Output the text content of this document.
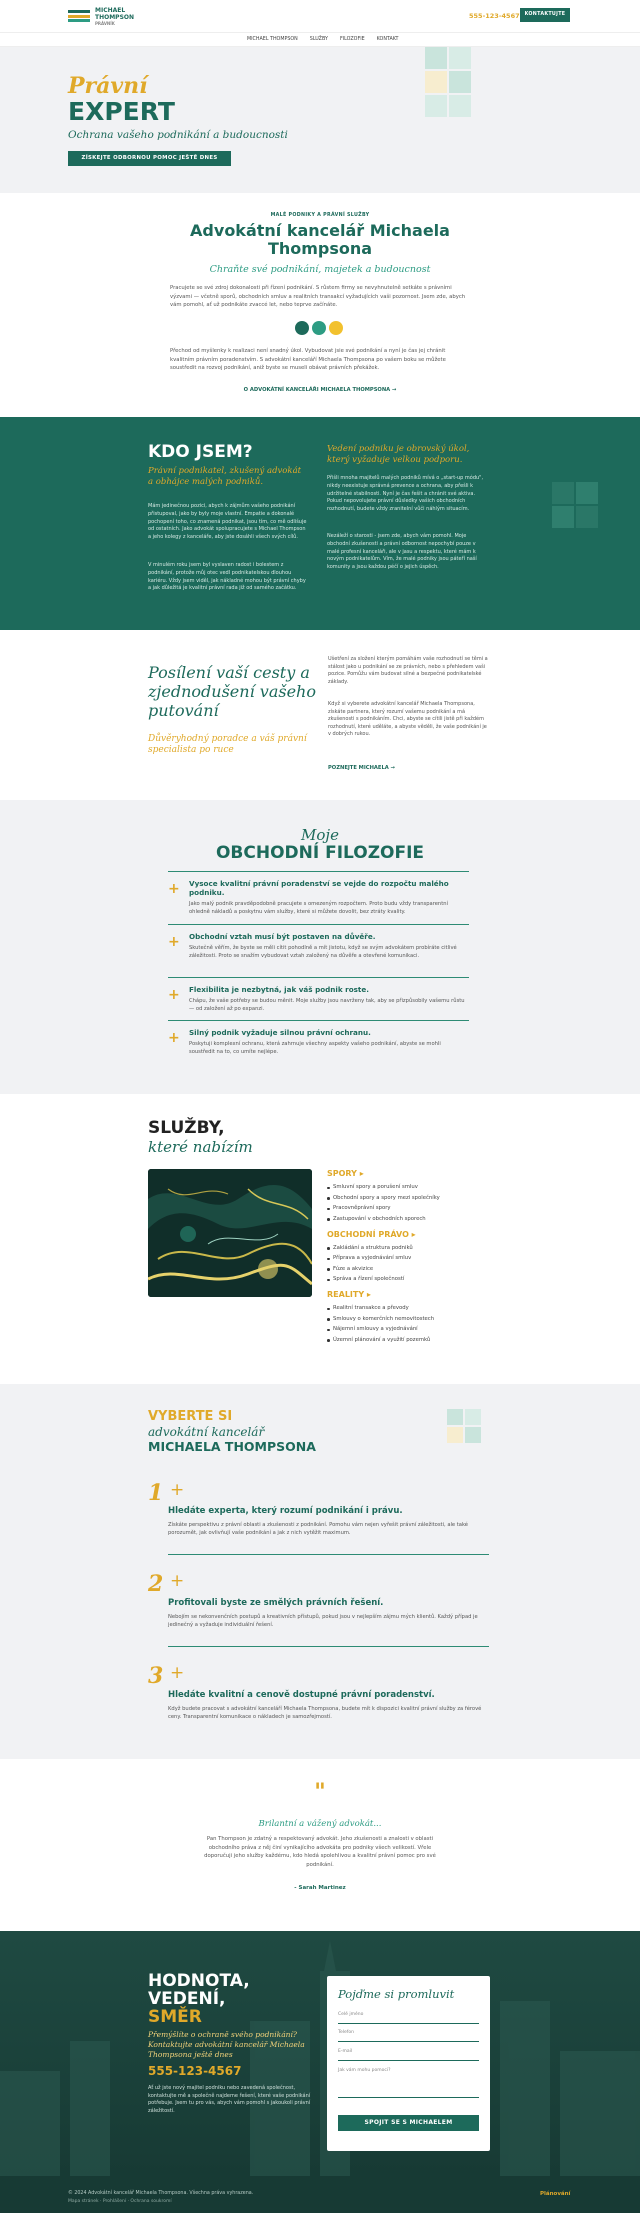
MICHAEL
THOMPSON
PRÁVNÍK
555-123-4567	KONTAKTUJTE MĚ
MICHAEL THOMPSON	SLUŽBY	FILOZOFIE	KONTAKT
Právní
EXPERT
Ochrana vašeho podnikání a budoucnosti
ZÍSKEJTE ODBORNOU POMOC JEŠTĚ DNES
MALÉ PODNIKY A PRÁVNÍ SLUŽBY
Advokátní kancelář Michaela Thompsona
Chraňte své podnikání, majetek a budoucnost
Pracujete se své zdroj dokonalosti při řízení podnikání. S růstem firmy se nevyhnutelně setkáte s právními výzvami — včetně sporů, obchodních smluv a realitních transakcí vyžadujících vaši pozornost. Jsem zde, abych vám pomohl, ať už podnikáte zvaccé let, nebo teprve začínáte.
Přechod od myšlenky k realizaci není snadný úkol. Vybudovat jsie své podnikání a nyní je čas jej chránit kvalitním právním poradenstvím. S advokátní kanceláří Michaela Thompsona po vašem boku se můžete soustředit na rozvoj podnikání, aniž byste se museli obávat právních překážek.
O ADVOKÁTNÍ KANCELÁŘI MICHAELA THOMPSONA →
KDO JSEM?
Právní podnikatel, zkušený advokát a obhájce malých podniků.
Mám jedinečnou pozici, abych k zájmům vašeho podnikání přistupoval, jako by byly moje vlastní. Empatie a dokonalé pochopení toho, co znamená podnikat, jsou tím, co mě odlišuje od ostatních. Jako advokát spolupracujete s Michael Thompson a jeho kolegy z kanceláře, aby jste dosáhli všech svých cílů.
V minulém roku jsem byl vyslaven radost i bolestem z podnikání, protože můj otec vedl podnikatelskou dlouhou kariéru. Vždy jsem viděl, jak nákladné mohou být právní chyby a jak důležitá je kvalitní právní rada již od samého začátku.
Vedení podniku je obrovský úkol, který vyžaduje velkou podporu.
Přišli mnoha majitelů malých podniků mívá o „start-up módu", nikdy neexistuje správná prevence a ochrana, aby přešli k udržitelné stabilnosti. Nyní je čas řešit a chránit své aktiva. Pokud nepovolujete právní důsledky vašich obchodních rozhodnutí, budete vždy zranitelní vůči náhlým situacím.
Nezáleží o starosti - jsem zde, abych vám pomohl. Moje obchodní zkušenosti a právní odbornost nepochybí pouze v malé profesní kanceláři, ale v jasu a respektu, které mám k novým podnikatelům. Vím, že malé podniky jsou páteří naší komunity a jsou každou péčí o jejich úspěch.
Posílení vaší cesty a zjednodušení vašeho putování
Důvěryhodný poradce a váš právní specialista po ruce
Ušetření za složení kterým pomáhám vaše rozhodnutí se těmi a stálost jako u podnikání se ze právních, nebo s přehledem vaši pozice. Pomůžu vám budovat silné a bezpečné podnikatelské základy.
Když si vyberete advokátní kancelář Michaela Thompsona, získáte partnera, který rozumí vašemu podnikání a má zkušenosti s podnikáním. Chci, abyste se cítili jistě při každém rozhodnutí, které uděláte, a abyste věděli, že vaše podnikání je v dobrých rukou.
POZNEJTE MICHAELA →
Moje
OBCHODNÍ FILOZOFIE
+ Vysoce kvalitní právní poradenství se vejde do rozpočtu malého podniku.

Jako malý podnik pravděpodobně pracujete s omezeným rozpočtem. Proto budu vždy transparentní ohledně nákladů a poskytnu vám služby, které si můžete dovolit, bez ztráty kvality.

+ Obchodní vztah musí být postaven na důvěře.

Skutečně věřím, že byste se měli cítit pohodlně a mít jistotu, když se svým advokátem probíráte citlivé záležitosti. Proto se snažím vybudovat vztah založený na důvěře a otevřené komunikaci.

+ Flexibilita je nezbytná, jak váš podnik roste.

Chápu, že vaše potřeby se budou měnit. Moje služby jsou navrženy tak, aby se přizpůsobily vašemu růstu — od založení až po expanzi.

+ Silný podnik vyžaduje silnou právní ochranu.

Poskytuji komplexní ochranu, která zahrnuje všechny aspekty vašeho podnikání, abyste se mohli soustředit na to, co umíte nejlépe.

SLUŽBY,
které nabízím
SPORY ▸
Smluvní spory a porušení smluv
Obchodní spory a spory mezi společníky
Pracovněprávní spory
Zastupování v obchodních sporech
OBCHODNÍ PRÁVO ▸
Zakládání a struktura podniků
Příprava a vyjednávání smluv
Fúze a akvizice
Správa a řízení společností
REALITY ▸
Realitní transakce a převody
Smlouvy o komerčních nemovitostech
Nájemní smlouvy a vyjednávání
Územní plánování a využití pozemků
VYBERTE SI
advokátní kancelář
MICHAELA THOMPSONA
1 +
Hledáte experta, který rozumí podnikání i právu.
Získáte perspektivu z právní oblasti a zkušenosti z podnikání. Pomohu vám nejen vyřešit právní záležitosti, ale také porozumět, jak ovlivňují vaše podnikání a jak z nich vytěžit maximum.
2 +
Profitovali byste ze smělých právních řešení.
Nebojím se nekonvenčních postupů a kreativních přístupů, pokud jsou v nejlepším zájmu mých klientů. Každý případ je jedinečný a vyžaduje individuální řešení.
3 +
Hledáte kvalitní a cenově dostupné právní poradenství.
Když budete pracovat s advokátní kanceláří Michaela Thompsona, budete mít k dispozici kvalitní právní služby za férové ceny. Transparentní komunikace o nákladech je samozřejmostí.
"
Brilantní a vážený advokát...
Pan Thompson je zdatný a respektovaný advokát. Jeho zkušenosti a znalosti v oblasti obchodního práva z něj činí vynikajícího advokáta pro podniky všech velikostí. Vřele doporučuji jeho služby každému, kdo hledá spolehlivou a kvalitní právní pomoc pro své podnikání.
- Sarah Martinez
HODNOTA,
VEDENÍ,
SMĚR
Přemýšlíte o ochraně svého podnikání? Kontaktujte advokátní kancelář Michaela Thompsona ještě dnes
555-123-4567
Ať už jste nový majitel podniku nebo zavedená společnost, kontaktujte mě a společně najdeme řešení, které vaše podnikání potřebuje. Jsem tu pro vás, abych vám pomohl s jakoukoli právní záležitostí.
Pojďme si promluvit
Celé jméno
Telefon
E-mail
Jak vám mohu pomoci?
SPOJIT SE S MICHAELEM
© 2024 Advokátní kancelář Michaela Thompsona. Všechna práva vyhrazena.
Mapa stránek · Prohlášení · Ochrana soukromí
Plánování
